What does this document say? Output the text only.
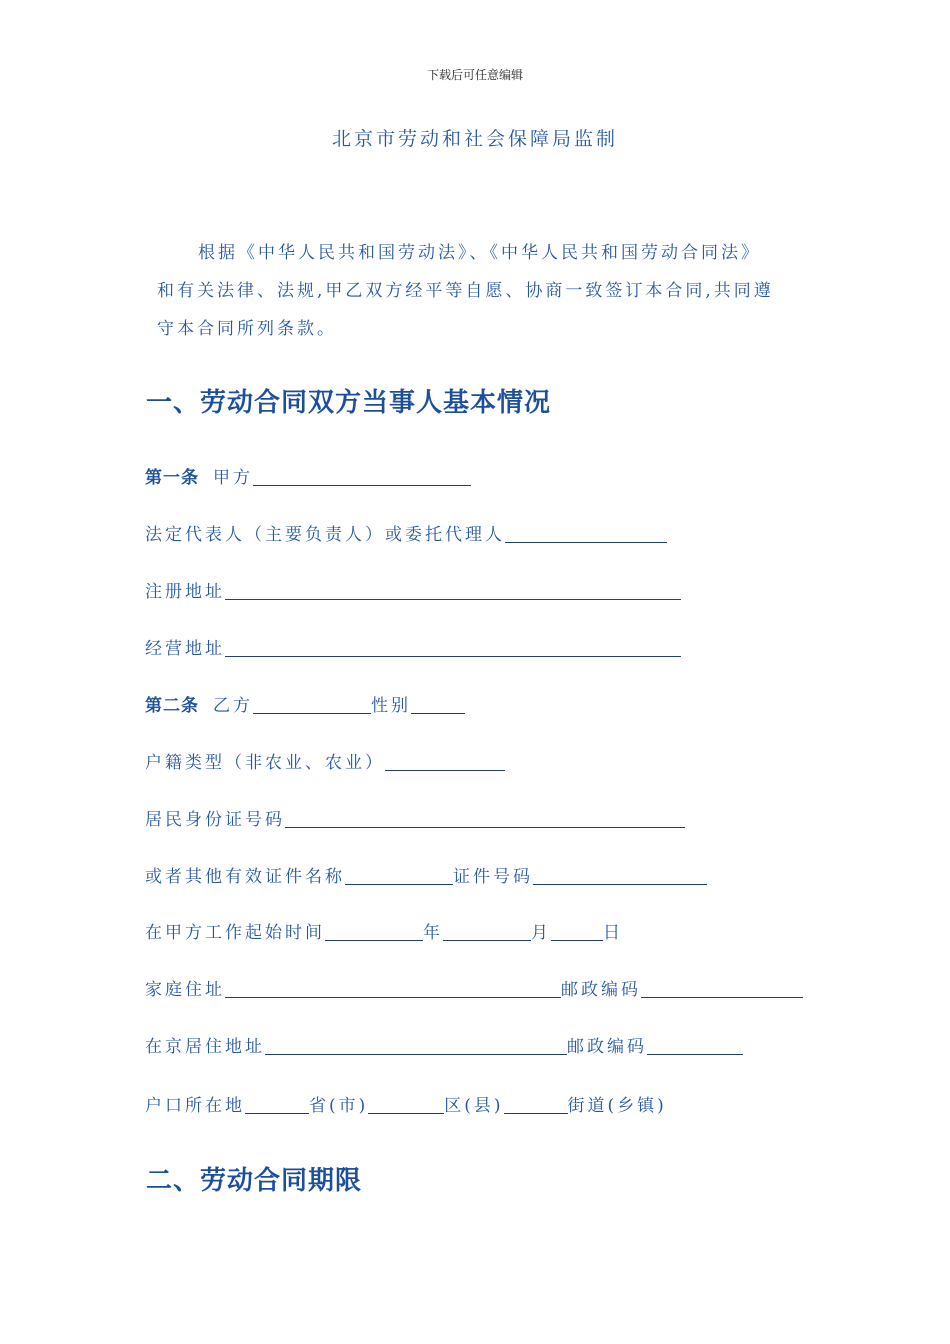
下载后可任意编辑
北京市劳动和社会保障局监制
根据《中华人民共和国劳动法》、《中华人民共和国劳动合同法》
和有关法律、法规,甲乙双方经平等自愿、协商一致签订本合同,共同遵
守本合同所列条款。
一、劳动合同双方当事人基本情况
第一条 甲方
法定代表人（主要负责人）或委托代理人
注册地址
经营地址
第二条 乙方	性别
户籍类型（非农业、农业）
居民身份证号码
或者其他有效证件名称	证件号码
在甲方工作起始时间	年	月	日
家庭住址	邮政编码
在京居住地址	邮政编码
户口所在地	省(市)	区(县)	街道(乡镇)
二、劳动合同期限
